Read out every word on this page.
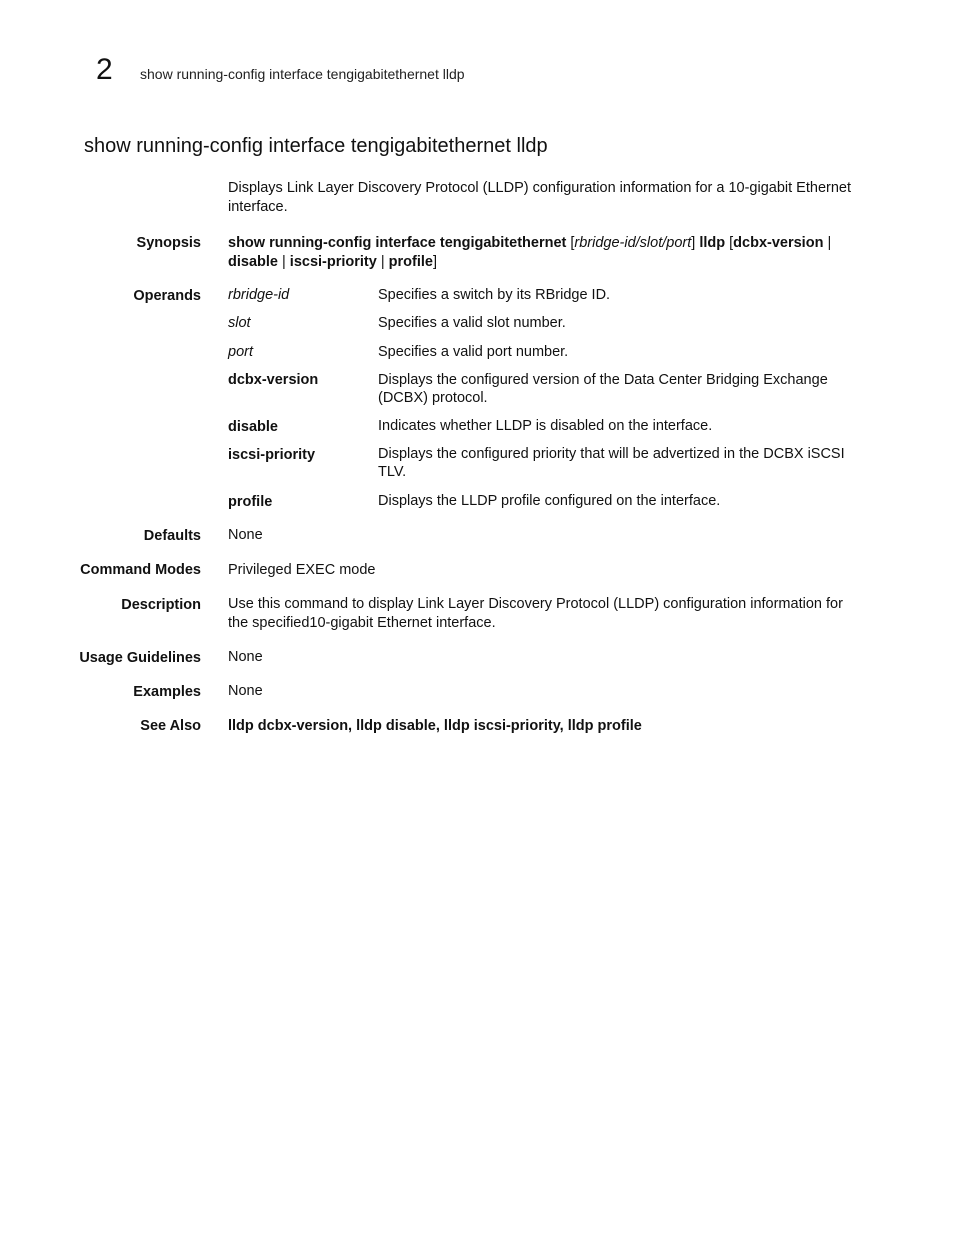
2 show running-config interface tengigabitethernet lldp
show running-config interface tengigabitethernet lldp
Displays Link Layer Discovery Protocol (LLDP) configuration information for a 10-gigabit Ethernet interface.
Synopsis show running-config interface tengigabitethernet [rbridge-id/slot/port] lldp [dcbx-version | disable | iscsi-priority | profile]
Operands rbridge-id	Specifies a switch by its RBridge ID.
slot	Specifies a valid slot number.
port	Specifies a valid port number.
dcbx-version	Displays the configured version of the Data Center Bridging Exchange (DCBX) protocol.
disable	Indicates whether LLDP is disabled on the interface.
iscsi-priority	Displays the configured priority that will be advertized in the DCBX iSCSI TLV.
profile	Displays the LLDP profile configured on the interface.
Defaults None
Command Modes Privileged EXEC mode
Description Use this command to display Link Layer Discovery Protocol (LLDP) configuration information for the specified10-gigabit Ethernet interface.
Usage Guidelines None
Examples None
See Also lldp dcbx-version, lldp disable, lldp iscsi-priority, lldp profile
